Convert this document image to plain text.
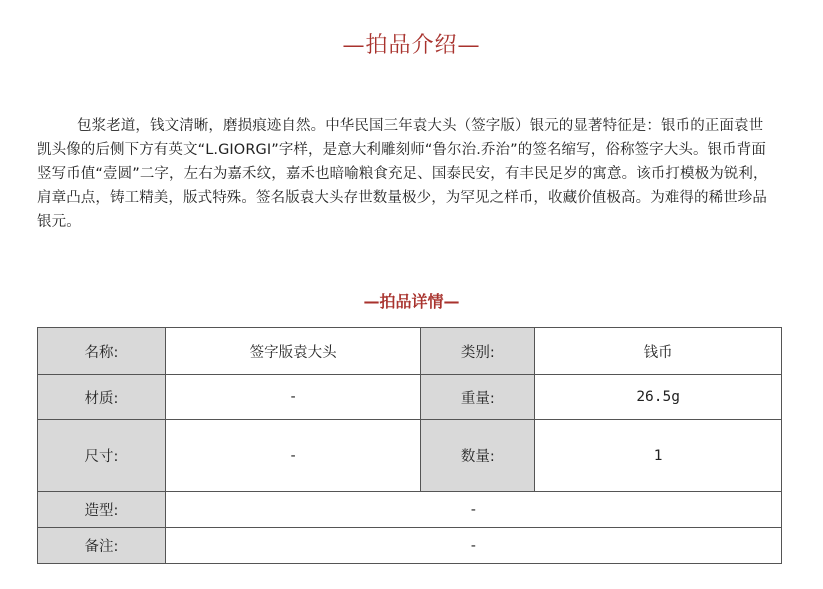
—拍品介绍—

包浆老道，钱文清晰，磨损痕迹自然。中华民国三年袁大头（签字版）银元的显著特征是：银币的正面袁世凯头像的后侧下方有英文“L.GIORGI”字样，是意大利雕刻师“鲁尔治.乔治”的签名缩写，俗称签字大头。银币背面竖写币值“壹圆”二字，左右为嘉禾纹，嘉禾也暗喻粮食充足、国泰民安，有丰民足岁的寓意。该币打模极为锐利，肩章凸点，铸工精美，版式特殊。签名版袁大头存世数量极少，为罕见之样币，收藏价值极高。为难得的稀世珍品银元。

—拍品详情—
名称:	签字版袁大头	类别:	钱币
材质:	-	重量:	26.5g
尺寸:	-	数量:	1
造型:	-		
备注:	-		
